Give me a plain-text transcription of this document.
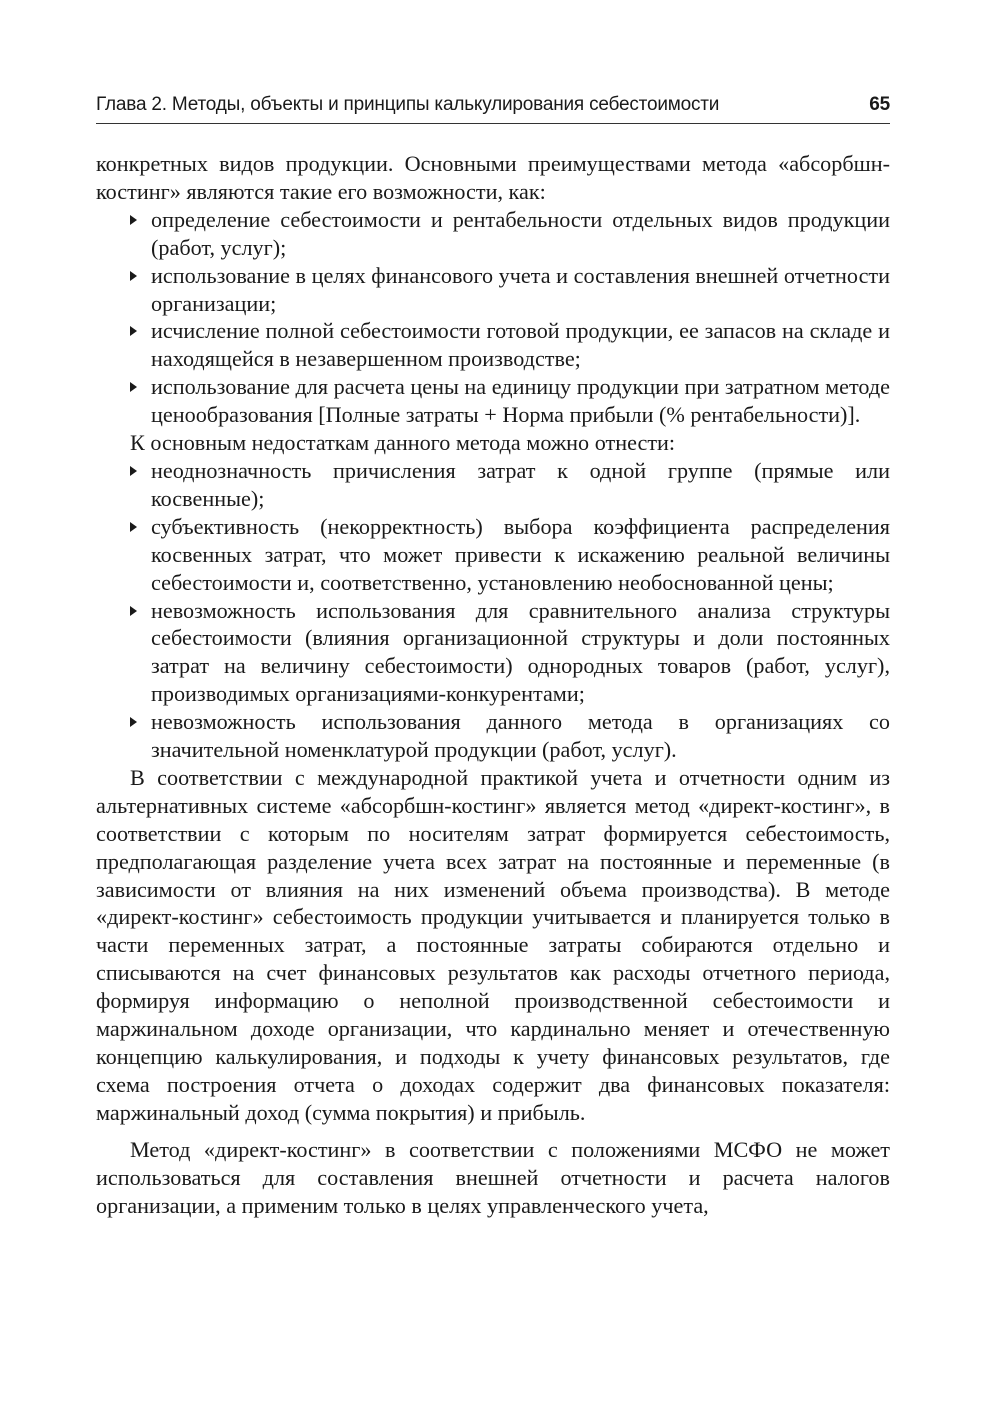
Глава 2. Методы, объекты и принципы калькулирования себестоимости	65

конкретных видов продукции. Основными преимуществами метода «абсорбшн-костинг» являются такие его возможности, как:

определение себестоимости и рентабельности отдельных видов продукции (работ, услуг);
использование в целях финансового учета и составления внешней отчетности организации;
исчисление полной себестоимости готовой продукции, ее запасов на складе и находящейся в незавершенном производстве;
использование для расчета цены на единицу продукции при затратном методе ценообразования [Полные затраты + Норма прибыли (% рентабельности)].

К основным недостаткам данного метода можно отнести:

неоднозначность причисления затрат к одной группе (прямые или косвенные);
субъективность (некорректность) выбора коэффициента распределения косвенных затрат, что может привести к искажению реальной величины себестоимости и, соответственно, установлению необоснованной цены;
невозможность использования для сравнительного анализа структуры себестоимости (влияния организационной структуры и доли постоянных затрат на величину себестоимости) однородных товаров (работ, услуг), производимых организациями-конкурентами;
невозможность использования данного метода в организациях со значительной номенклатурой продукции (работ, услуг).

В соответствии с международной практикой учета и отчетности одним из альтернативных системе «абсорбшн-костинг» является метод «директ-костинг», в соответствии с которым по носителям затрат формируется себестоимость, предполагающая разделение учета всех затрат на постоянные и переменные (в зависимости от влияния на них изменений объема производства). В методе «директ-костинг» себестоимость продукции учитывается и планируется только в части переменных затрат, а постоянные затраты собираются отдельно и списываются на счет финансовых результатов как расходы отчетного периода, формируя информацию о неполной производственной себестоимости и маржинальном доходе организации, что кардинально меняет и отечественную концепцию калькулирования, и подходы к учету финансовых результатов, где схема построения отчета о доходах содержит два финансовых показателя: маржинальный доход (сумма покрытия) и прибыль.

Метод «директ-костинг» в соответствии с положениями МСФО не может использоваться для составления внешней отчетности и расчета налогов организации, а применим только в целях управленческого учета,
